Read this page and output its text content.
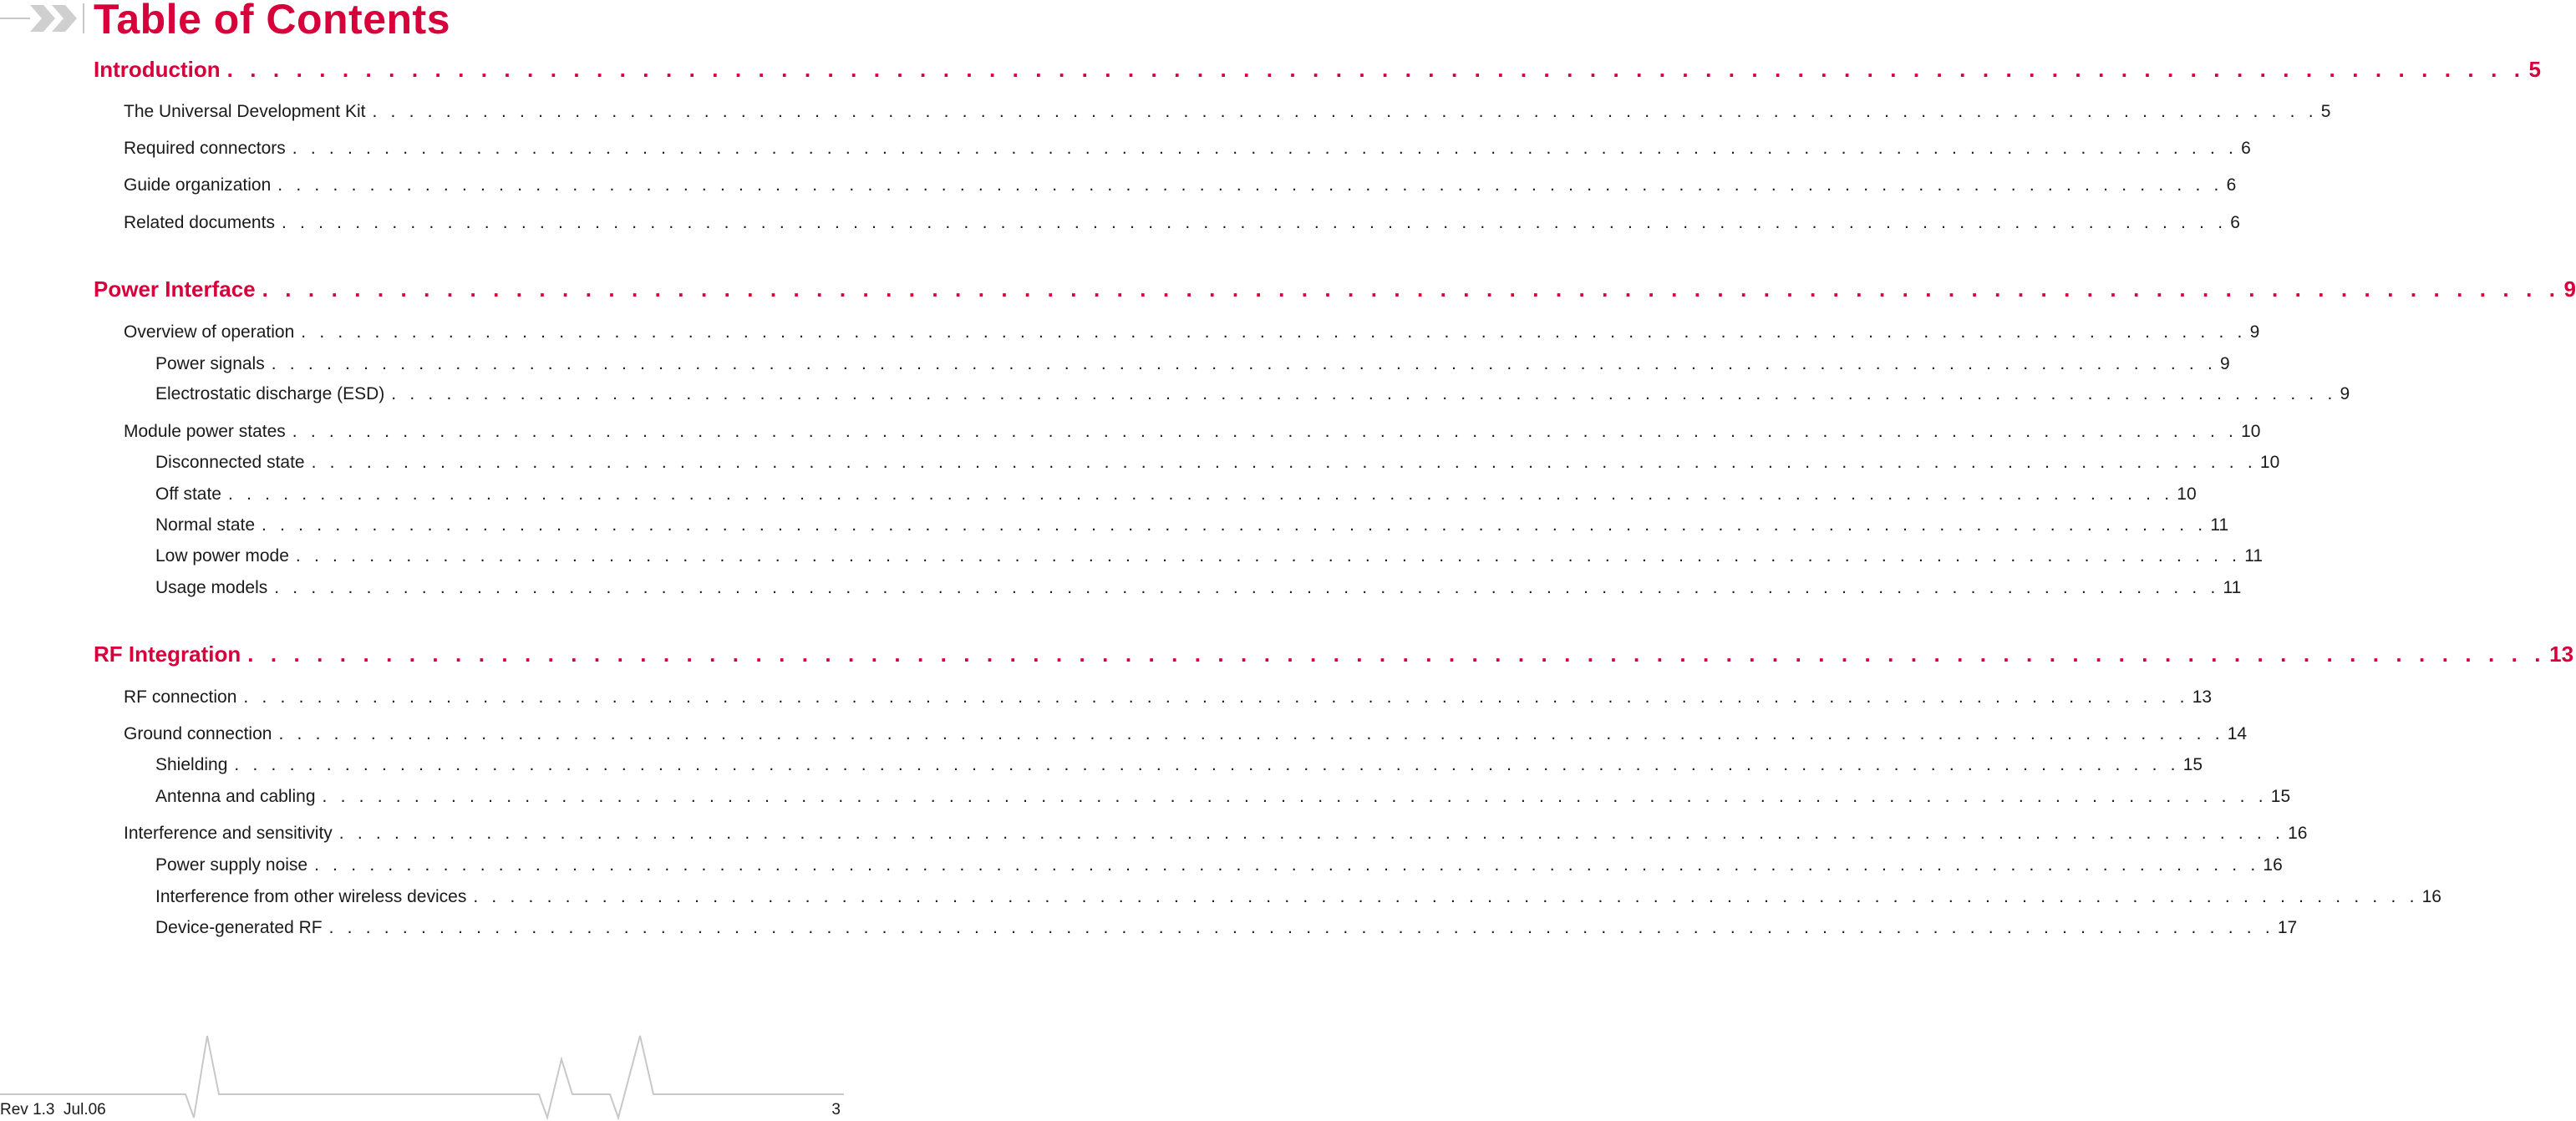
Table of Contents
Introduction . . . . . . . . . . . . . . . . . . . . . . . . . . . . . . . . . . . . . . . . . . . . . . . . . . . . . . . . . . . . . . . . . . . . . . . . . . . . . . . . . . . . . . . . . . . . . . . . . . . . 5
The Universal Development Kit . . . . . . . . . . . . . . . . . . . . . . . . . . . . . . . . . . . . . . . . . . . . . . . . . . . . . . . . . . . . . . . . . . . . . . . . . . . . . . . . . . . . . . . . . . . . . . . . . . . . . . . . . . 5
Required connectors . . . . . . . . . . . . . . . . . . . . . . . . . . . . . . . . . . . . . . . . . . . . . . . . . . . . . . . . . . . . . . . . . . . . . . . . . . . . . . . . . . . . . . . . . . . . . . . . . . . . . . . . . . 6
Guide organization . . . . . . . . . . . . . . . . . . . . . . . . . . . . . . . . . . . . . . . . . . . . . . . . . . . . . . . . . . . . . . . . . . . . . . . . . . . . . . . . . . . . . . . . . . . . . . . . . . . . . . . . . . 6
Related documents . . . . . . . . . . . . . . . . . . . . . . . . . . . . . . . . . . . . . . . . . . . . . . . . . . . . . . . . . . . . . . . . . . . . . . . . . . . . . . . . . . . . . . . . . . . . . . . . . . . . . . . . . . 6
Power Interface . . . . . . . . . . . . . . . . . . . . . . . . . . . . . . . . . . . . . . . . . . . . . . . . . . . . . . . . . . . . . . . . . . . . . . . . . . . . . . . . . . . . . . . . . . . . . . . . . . . . 9
Overview of operation . . . . . . . . . . . . . . . . . . . . . . . . . . . . . . . . . . . . . . . . . . . . . . . . . . . . . . . . . . . . . . . . . . . . . . . . . . . . . . . . . . . . . . . . . . . . . . . . . . . . . . . . . . 9
Power signals . . . . . . . . . . . . . . . . . . . . . . . . . . . . . . . . . . . . . . . . . . . . . . . . . . . . . . . . . . . . . . . . . . . . . . . . . . . . . . . . . . . . . . . . . . . . . . . . . . . . . . . . . . 9
Electrostatic discharge (ESD) . . . . . . . . . . . . . . . . . . . . . . . . . . . . . . . . . . . . . . . . . . . . . . . . . . . . . . . . . . . . . . . . . . . . . . . . . . . . . . . . . . . . . . . . . . . . . . . . . . . . . . . . . . 9
Module power states . . . . . . . . . . . . . . . . . . . . . . . . . . . . . . . . . . . . . . . . . . . . . . . . . . . . . . . . . . . . . . . . . . . . . . . . . . . . . . . . . . . . . . . . . . . . . . . . . . . . . . . . . . 10
Disconnected state . . . . . . . . . . . . . . . . . . . . . . . . . . . . . . . . . . . . . . . . . . . . . . . . . . . . . . . . . . . . . . . . . . . . . . . . . . . . . . . . . . . . . . . . . . . . . . . . . . . . . . . . . . 10
Off state . . . . . . . . . . . . . . . . . . . . . . . . . . . . . . . . . . . . . . . . . . . . . . . . . . . . . . . . . . . . . . . . . . . . . . . . . . . . . . . . . . . . . . . . . . . . . . . . . . . . . . . . . . 10
Normal state . . . . . . . . . . . . . . . . . . . . . . . . . . . . . . . . . . . . . . . . . . . . . . . . . . . . . . . . . . . . . . . . . . . . . . . . . . . . . . . . . . . . . . . . . . . . . . . . . . . . . . . . . . 11
Low power mode . . . . . . . . . . . . . . . . . . . . . . . . . . . . . . . . . . . . . . . . . . . . . . . . . . . . . . . . . . . . . . . . . . . . . . . . . . . . . . . . . . . . . . . . . . . . . . . . . . . . . . . . . . 11
Usage models . . . . . . . . . . . . . . . . . . . . . . . . . . . . . . . . . . . . . . . . . . . . . . . . . . . . . . . . . . . . . . . . . . . . . . . . . . . . . . . . . . . . . . . . . . . . . . . . . . . . . . . . . . 11
RF Integration . . . . . . . . . . . . . . . . . . . . . . . . . . . . . . . . . . . . . . . . . . . . . . . . . . . . . . . . . . . . . . . . . . . . . . . . . . . . . . . . . . . . . . . . . . . . . . . . . . . . 13
RF connection . . . . . . . . . . . . . . . . . . . . . . . . . . . . . . . . . . . . . . . . . . . . . . . . . . . . . . . . . . . . . . . . . . . . . . . . . . . . . . . . . . . . . . . . . . . . . . . . . . . . . . . . . . 13
Ground connection . . . . . . . . . . . . . . . . . . . . . . . . . . . . . . . . . . . . . . . . . . . . . . . . . . . . . . . . . . . . . . . . . . . . . . . . . . . . . . . . . . . . . . . . . . . . . . . . . . . . . . . . . . 14
Shielding . . . . . . . . . . . . . . . . . . . . . . . . . . . . . . . . . . . . . . . . . . . . . . . . . . . . . . . . . . . . . . . . . . . . . . . . . . . . . . . . . . . . . . . . . . . . . . . . . . . . . . . . . . 15
Antenna and cabling . . . . . . . . . . . . . . . . . . . . . . . . . . . . . . . . . . . . . . . . . . . . . . . . . . . . . . . . . . . . . . . . . . . . . . . . . . . . . . . . . . . . . . . . . . . . . . . . . . . . . . . . . . 15
Interference and sensitivity . . . . . . . . . . . . . . . . . . . . . . . . . . . . . . . . . . . . . . . . . . . . . . . . . . . . . . . . . . . . . . . . . . . . . . . . . . . . . . . . . . . . . . . . . . . . . . . . . . . . . . . . . . 16
Power supply noise . . . . . . . . . . . . . . . . . . . . . . . . . . . . . . . . . . . . . . . . . . . . . . . . . . . . . . . . . . . . . . . . . . . . . . . . . . . . . . . . . . . . . . . . . . . . . . . . . . . . . . . . . . 16
Interference from other wireless devices . . . . . . . . . . . . . . . . . . . . . . . . . . . . . . . . . . . . . . . . . . . . . . . . . . . . . . . . . . . . . . . . . . . . . . . . . . . . . . . . . . . . . . . . . . . . . . . . . . . . . . . . . . 16
Device-generated RF . . . . . . . . . . . . . . . . . . . . . . . . . . . . . . . . . . . . . . . . . . . . . . . . . . . . . . . . . . . . . . . . . . . . . . . . . . . . . . . . . . . . . . . . . . . . . . . . . . . . . . . . . . 17
Rev 1.3  Jul.06	3
